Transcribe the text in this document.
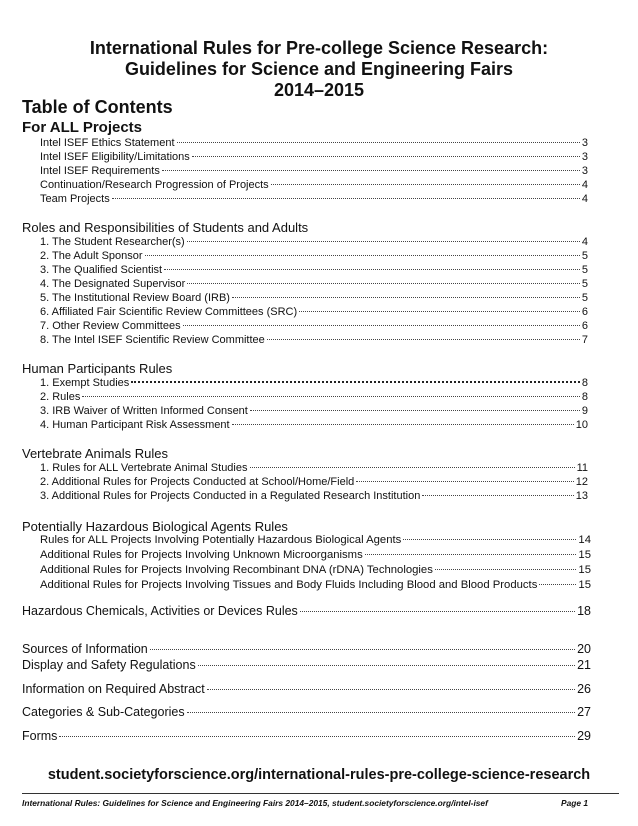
International Rules for Pre-college Science Research:
Guidelines for Science and Engineering Fairs
2014–2015
Table of Contents
For ALL Projects
Intel ISEF Ethics Statement	3
Intel ISEF Eligibility/Limitations	3
Intel ISEF Requirements	3
Continuation/Research Progression of Projects	4
Team Projects	4
Roles and Responsibilities of Students and Adults
1. The Student Researcher(s)	4
2. The Adult Sponsor	5
3. The Qualified Scientist	5
4. The Designated Supervisor	5
5. The Institutional Review Board (IRB)	5
6. Affiliated Fair Scientific Review Committees (SRC)	6
7. Other Review Committees	6
8. The Intel ISEF Scientific Review Committee	7
Human Participants Rules
1. Exempt Studies	8
2. Rules	8
3. IRB Waiver of Written Informed Consent	9
4. Human Participant Risk Assessment	10
Vertebrate Animals Rules
1. Rules for ALL Vertebrate Animal Studies	11
2. Additional Rules for Projects Conducted at School/Home/Field	12
3. Additional Rules for Projects Conducted in a Regulated Research Institution	13
Potentially Hazardous Biological Agents Rules
Rules for ALL Projects Involving Potentially Hazardous Biological Agents	14
Additional Rules for Projects Involving Unknown Microorganisms	15
Additional Rules for Projects Involving Recombinant DNA (rDNA) Technologies	15
Additional Rules for Projects Involving Tissues and Body Fluids Including Blood and Blood Products	15
Hazardous Chemicals, Activities or Devices Rules	18
Sources of Information	20
Display and Safety Regulations	21
Information on Required Abstract	26
Categories & Sub-Categories	27
Forms	29
student.societyforscience.org/international-rules-pre-college-science-research
International Rules: Guidelines for Science and Engineering Fairs 2014–2015, student.societyforscience.org/intel-isef	Page 1
